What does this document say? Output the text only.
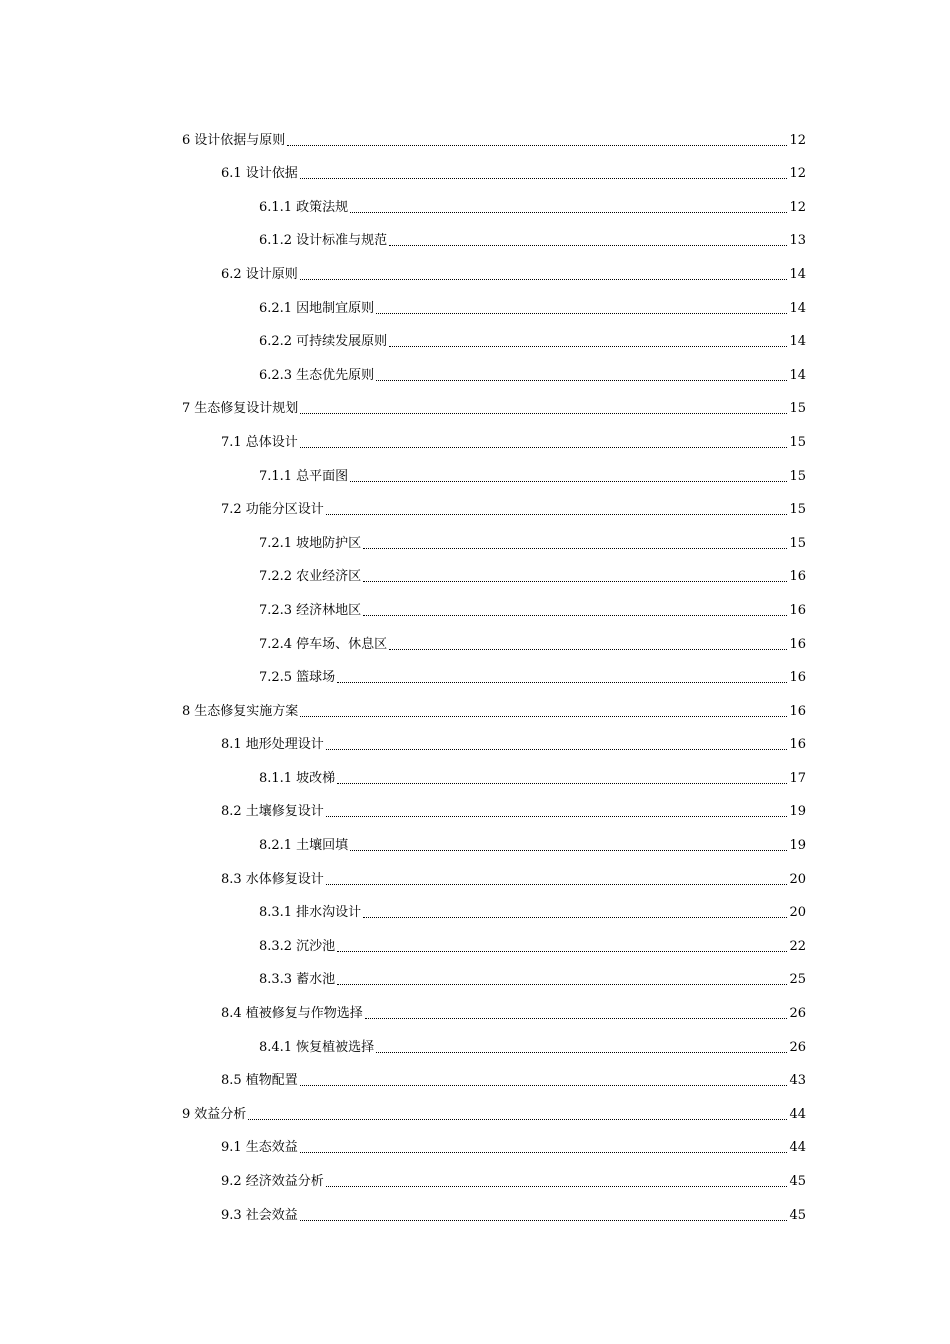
6 设计依据与原则	12
6.1 设计依据	12
6.1.1 政策法规	12
6.1.2 设计标准与规范	13
6.2 设计原则	14
6.2.1 因地制宜原则	14
6.2.2 可持续发展原则	14
6.2.3 生态优先原则	14
7 生态修复设计规划	15
7.1 总体设计	15
7.1.1 总平面图	15
7.2 功能分区设计	15
7.2.1 坡地防护区	15
7.2.2 农业经济区	16
7.2.3 经济林地区	16
7.2.4 停车场、休息区	16
7.2.5 篮球场	16
8 生态修复实施方案	16
8.1 地形处理设计	16
8.1.1 坡改梯	17
8.2 土壤修复设计	19
8.2.1 土壤回填	19
8.3 水体修复设计	20
8.3.1 排水沟设计	20
8.3.2 沉沙池	22
8.3.3 蓄水池	25
8.4 植被修复与作物选择	26
8.4.1 恢复植被选择	26
8.5 植物配置	43
9 效益分析	44
9.1 生态效益	44
9.2 经济效益分析	45
9.3 社会效益	45
